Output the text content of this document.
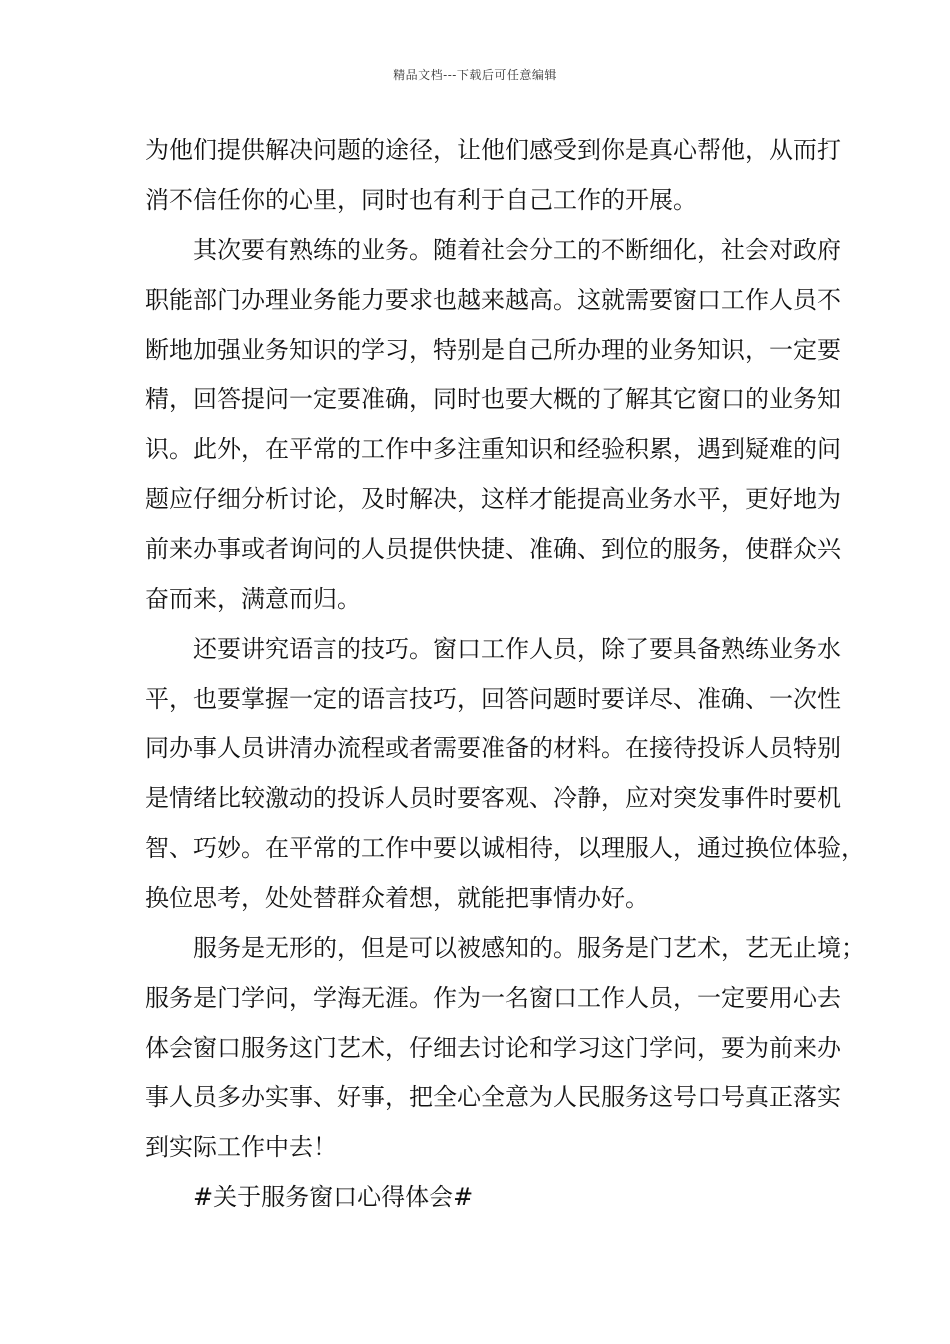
精品文档---下载后可任意编辑
为他们提供解决问题的途径，让他们感受到你是真心帮他，从而打
消不信任你的心里，同时也有利于自己工作的开展。
　　其次要有熟练的业务。随着社会分工的不断细化，社会对政府
职能部门办理业务能力要求也越来越高。这就需要窗口工作人员不
断地加强业务知识的学习，特别是自己所办理的业务知识，一定要
精，回答提问一定要准确，同时也要大概的了解其它窗口的业务知
识。此外，在平常的工作中多注重知识和经验积累，遇到疑难的问
题应仔细分析讨论，及时解决，这样才能提高业务水平，更好地为
前来办事或者询问的人员提供快捷、准确、到位的服务，使群众兴
奋而来，满意而归。
　　还要讲究语言的技巧。窗口工作人员，除了要具备熟练业务水
平，也要掌握一定的语言技巧，回答问题时要详尽、准确、一次性
同办事人员讲清办流程或者需要准备的材料。在接待投诉人员特别
是情绪比较激动的投诉人员时要客观、冷静，应对突发事件时要机
智、巧妙。在平常的工作中要以诚相待，以理服人，通过换位体验，
换位思考，处处替群众着想，就能把事情办好。
　　服务是无形的，但是可以被感知的。服务是门艺术，艺无止境；
服务是门学问，学海无涯。作为一名窗口工作人员，一定要用心去
体会窗口服务这门艺术，仔细去讨论和学习这门学问，要为前来办
事人员多办实事、好事，把全心全意为人民服务这号口号真正落实
到实际工作中去！
　　#关于服务窗口心得体会#
